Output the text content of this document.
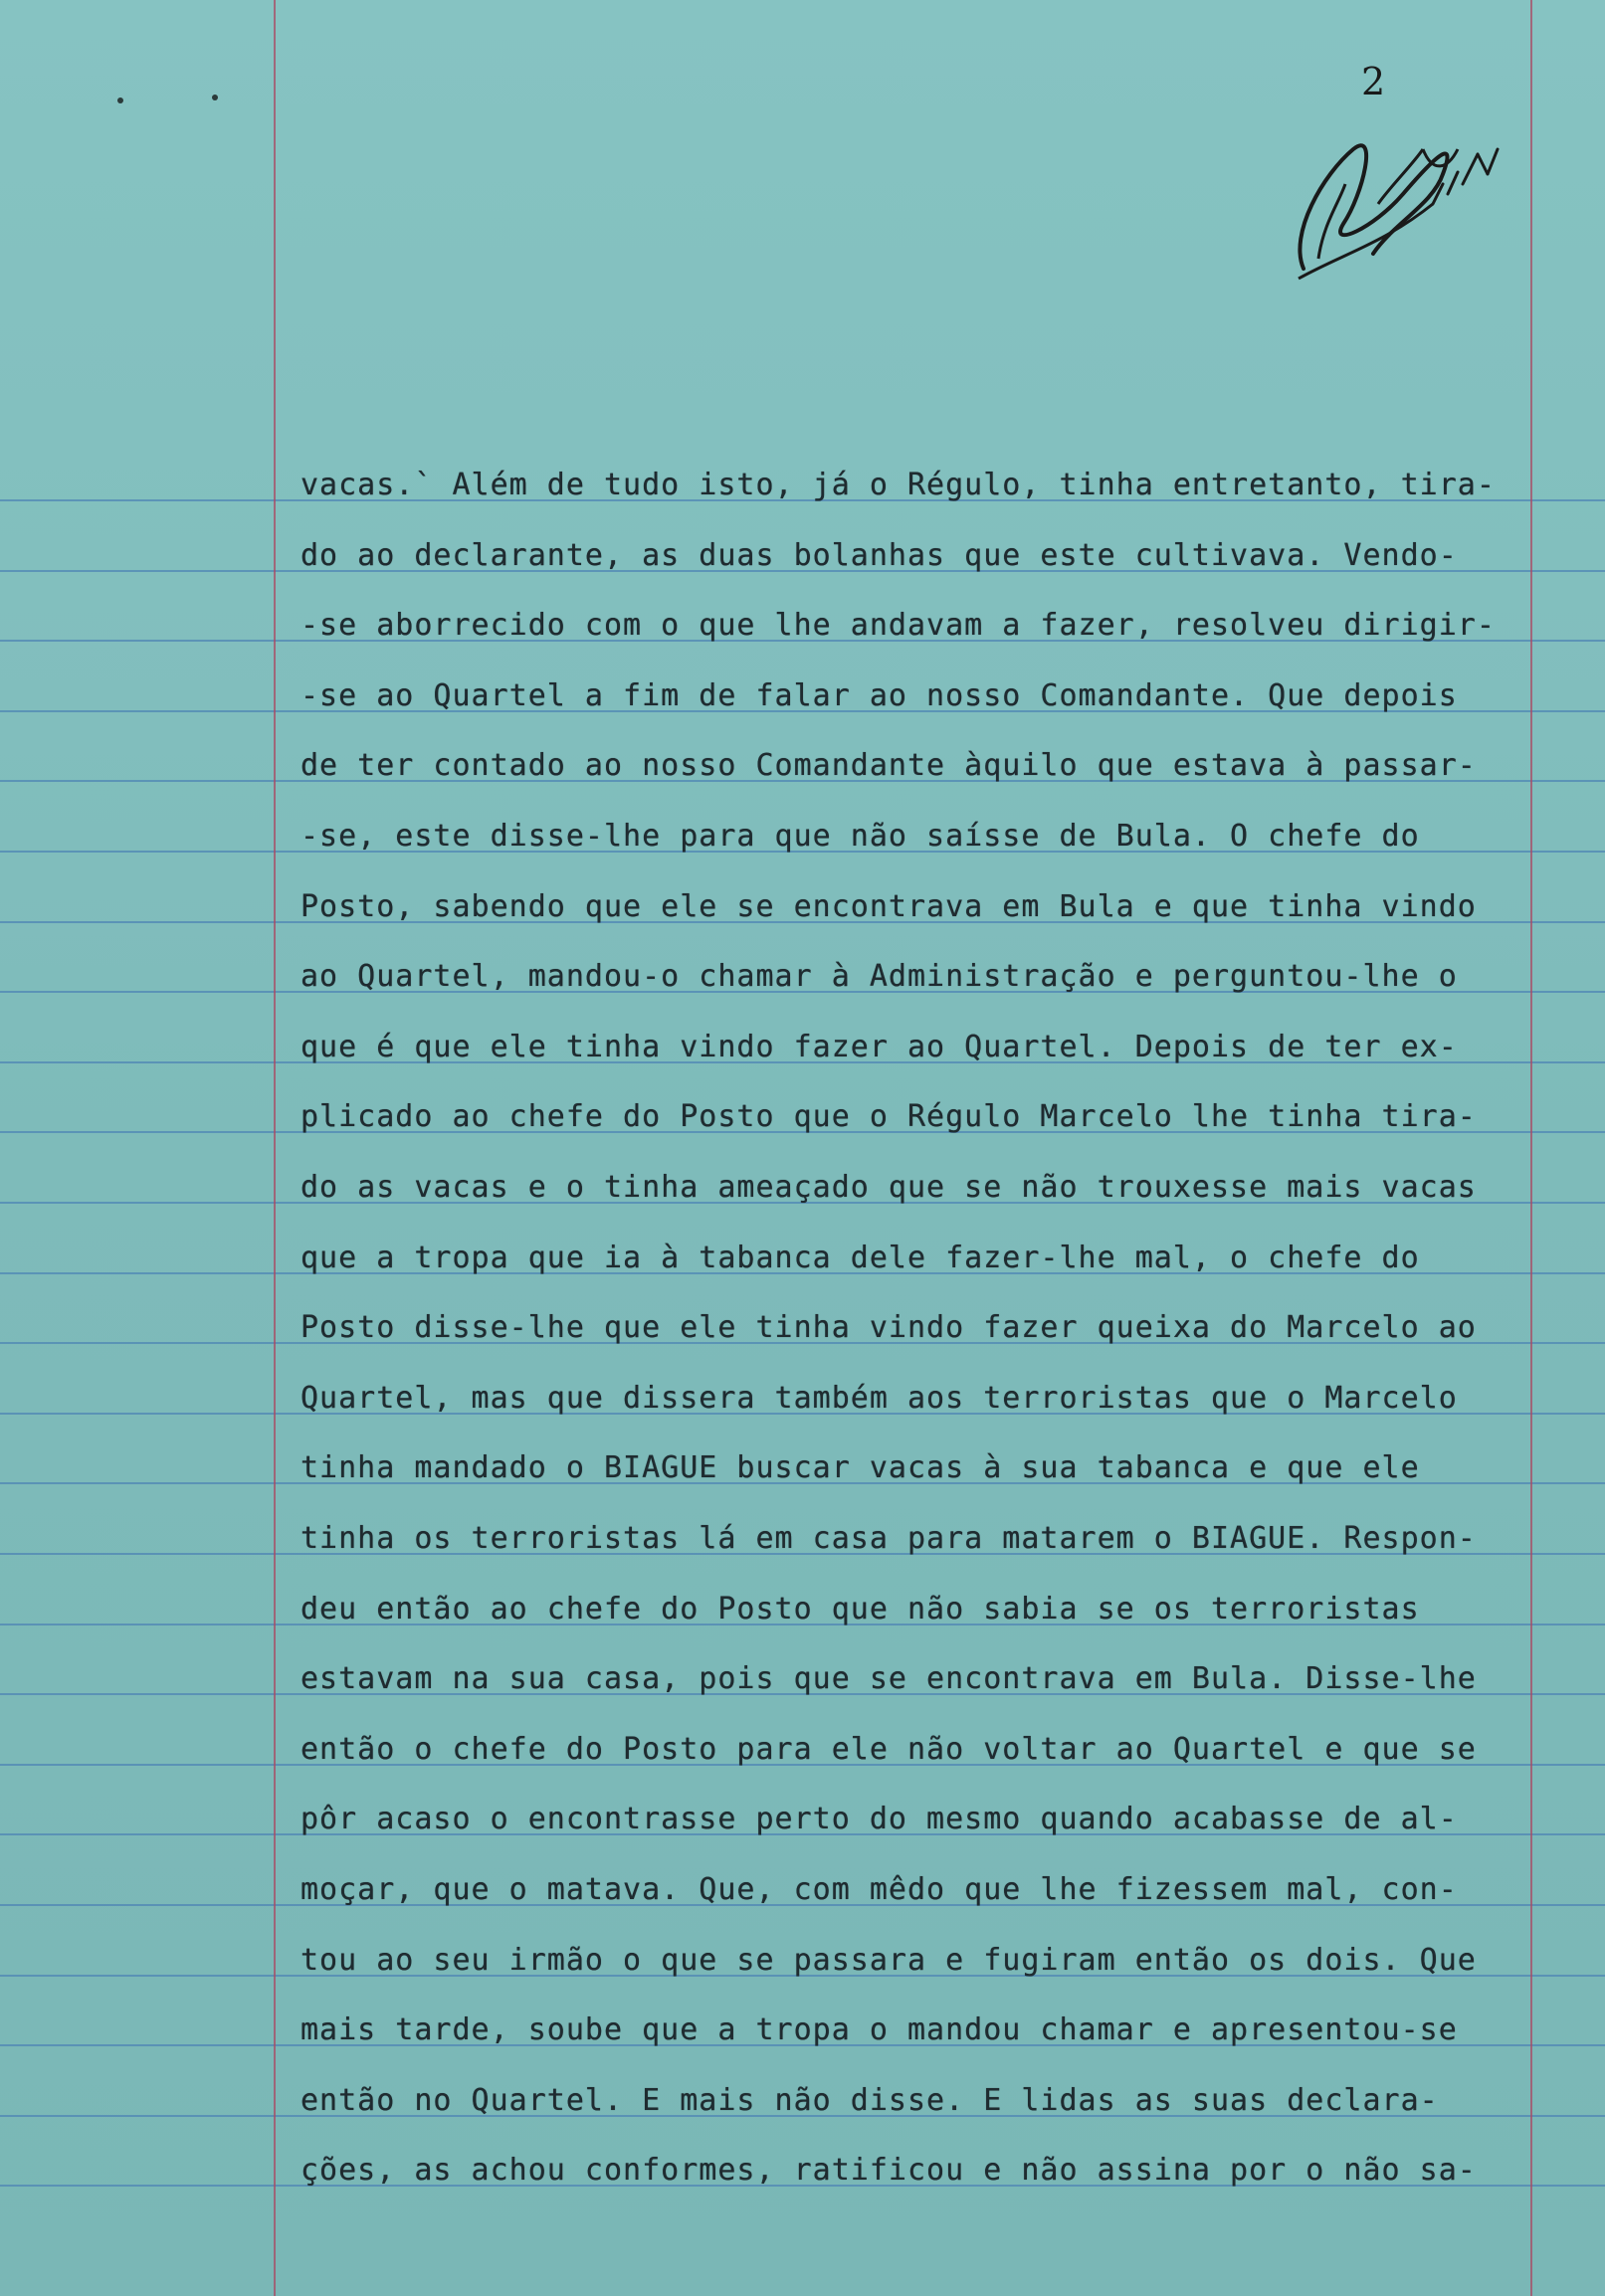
2
vacas.` Além de tudo isto, já o Régulo, tinha entretanto, tira-
do ao declarante, as duas bolanhas que este cultivava. Vendo-
-se aborrecido com o que lhe andavam a fazer, resolveu dirigir-
-se ao Quartel a fim de falar ao nosso Comandante. Que depois
de ter contado ao nosso Comandante àquilo que estava à passar-
-se, este disse-lhe para que não saísse de Bula. O chefe do
Posto, sabendo que ele se encontrava em Bula e que tinha vindo
ao Quartel, mandou-o chamar à Administração e perguntou-lhe o
que é que ele tinha vindo fazer ao Quartel. Depois de ter ex-
plicado ao chefe do Posto que o Régulo Marcelo lhe tinha tira-
do as vacas e o tinha ameaçado que se não trouxesse mais vacas
que a tropa que ia à tabanca dele fazer-lhe mal, o chefe do
Posto disse-lhe que ele tinha vindo fazer queixa do Marcelo ao
Quartel, mas que dissera também aos terroristas que o Marcelo
tinha mandado o BIAGUE buscar vacas à sua tabanca e que ele
tinha os terroristas lá em casa para matarem o BIAGUE. Respon-
deu então ao chefe do Posto que não sabia se os terroristas
estavam na sua casa, pois que se encontrava em Bula. Disse-lhe
então o chefe do Posto para ele não voltar ao Quartel e que se
pôr acaso o encontrasse perto do mesmo quando acabasse de al-
moçar, que o matava. Que, com mêdo que lhe fizessem mal, con-
tou ao seu irmão o que se passara e fugiram então os dois. Que
mais tarde, soube que a tropa o mandou chamar e apresentou-se
então no Quartel. E mais não disse. E lidas as suas declara-
ções, as achou conformes, ratificou e não assina por o não sa-
